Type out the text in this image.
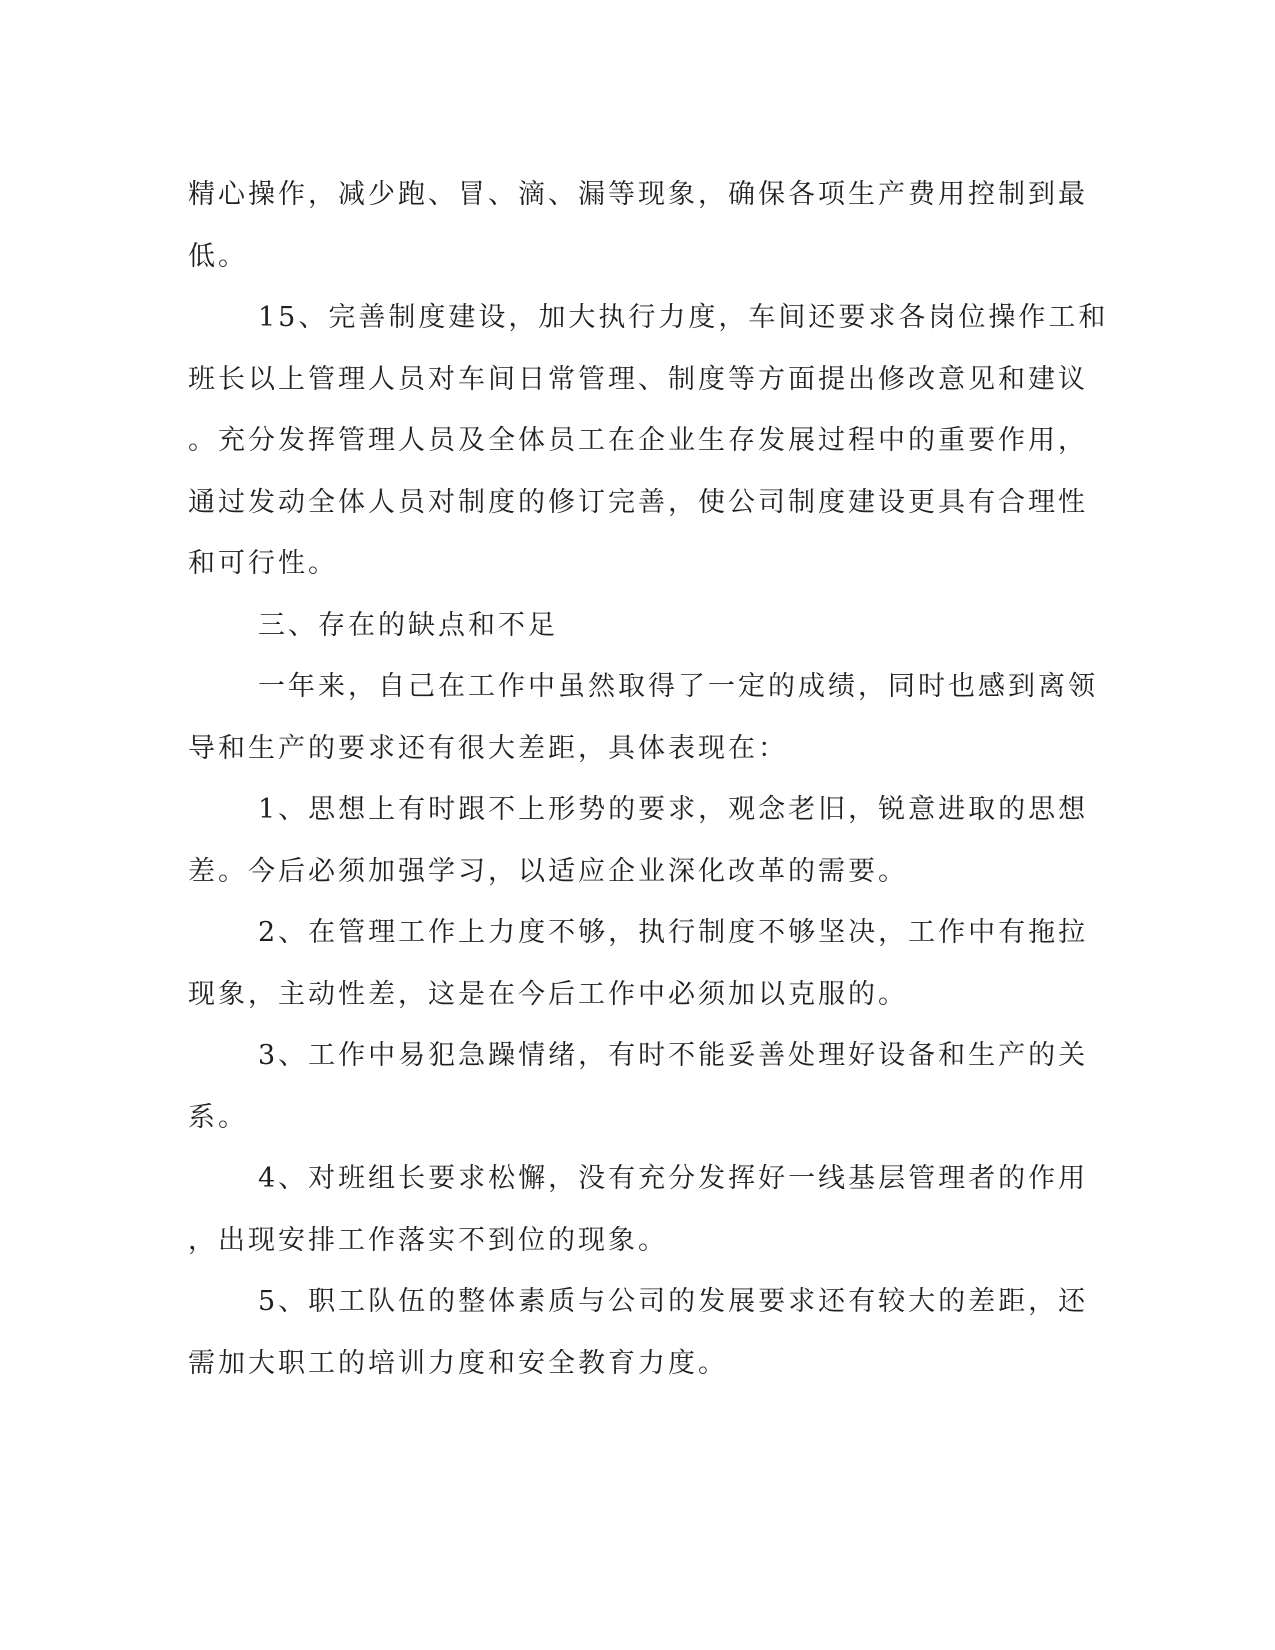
精心操作，减少跑、冒、滴、漏等现象，确保各项生产费用控制到最
低。

15、完善制度建设，加大执行力度，车间还要求各岗位操作工和
班长以上管理人员对车间日常管理、制度等方面提出修改意见和建议
。充分发挥管理人员及全体员工在企业生存发展过程中的重要作用，
通过发动全体人员对制度的修订完善，使公司制度建设更具有合理性
和可行性。

三、存在的缺点和不足

一年来，自己在工作中虽然取得了一定的成绩，同时也感到离领
导和生产的要求还有很大差距，具体表现在：

1、思想上有时跟不上形势的要求，观念老旧，锐意进取的思想
差。今后必须加强学习，以适应企业深化改革的需要。

2、在管理工作上力度不够，执行制度不够坚决，工作中有拖拉
现象，主动性差，这是在今后工作中必须加以克服的。

3、工作中易犯急躁情绪，有时不能妥善处理好设备和生产的关
系。

4、对班组长要求松懈，没有充分发挥好一线基层管理者的作用
，出现安排工作落实不到位的现象。

5、职工队伍的整体素质与公司的发展要求还有较大的差距，还
需加大职工的培训力度和安全教育力度。
